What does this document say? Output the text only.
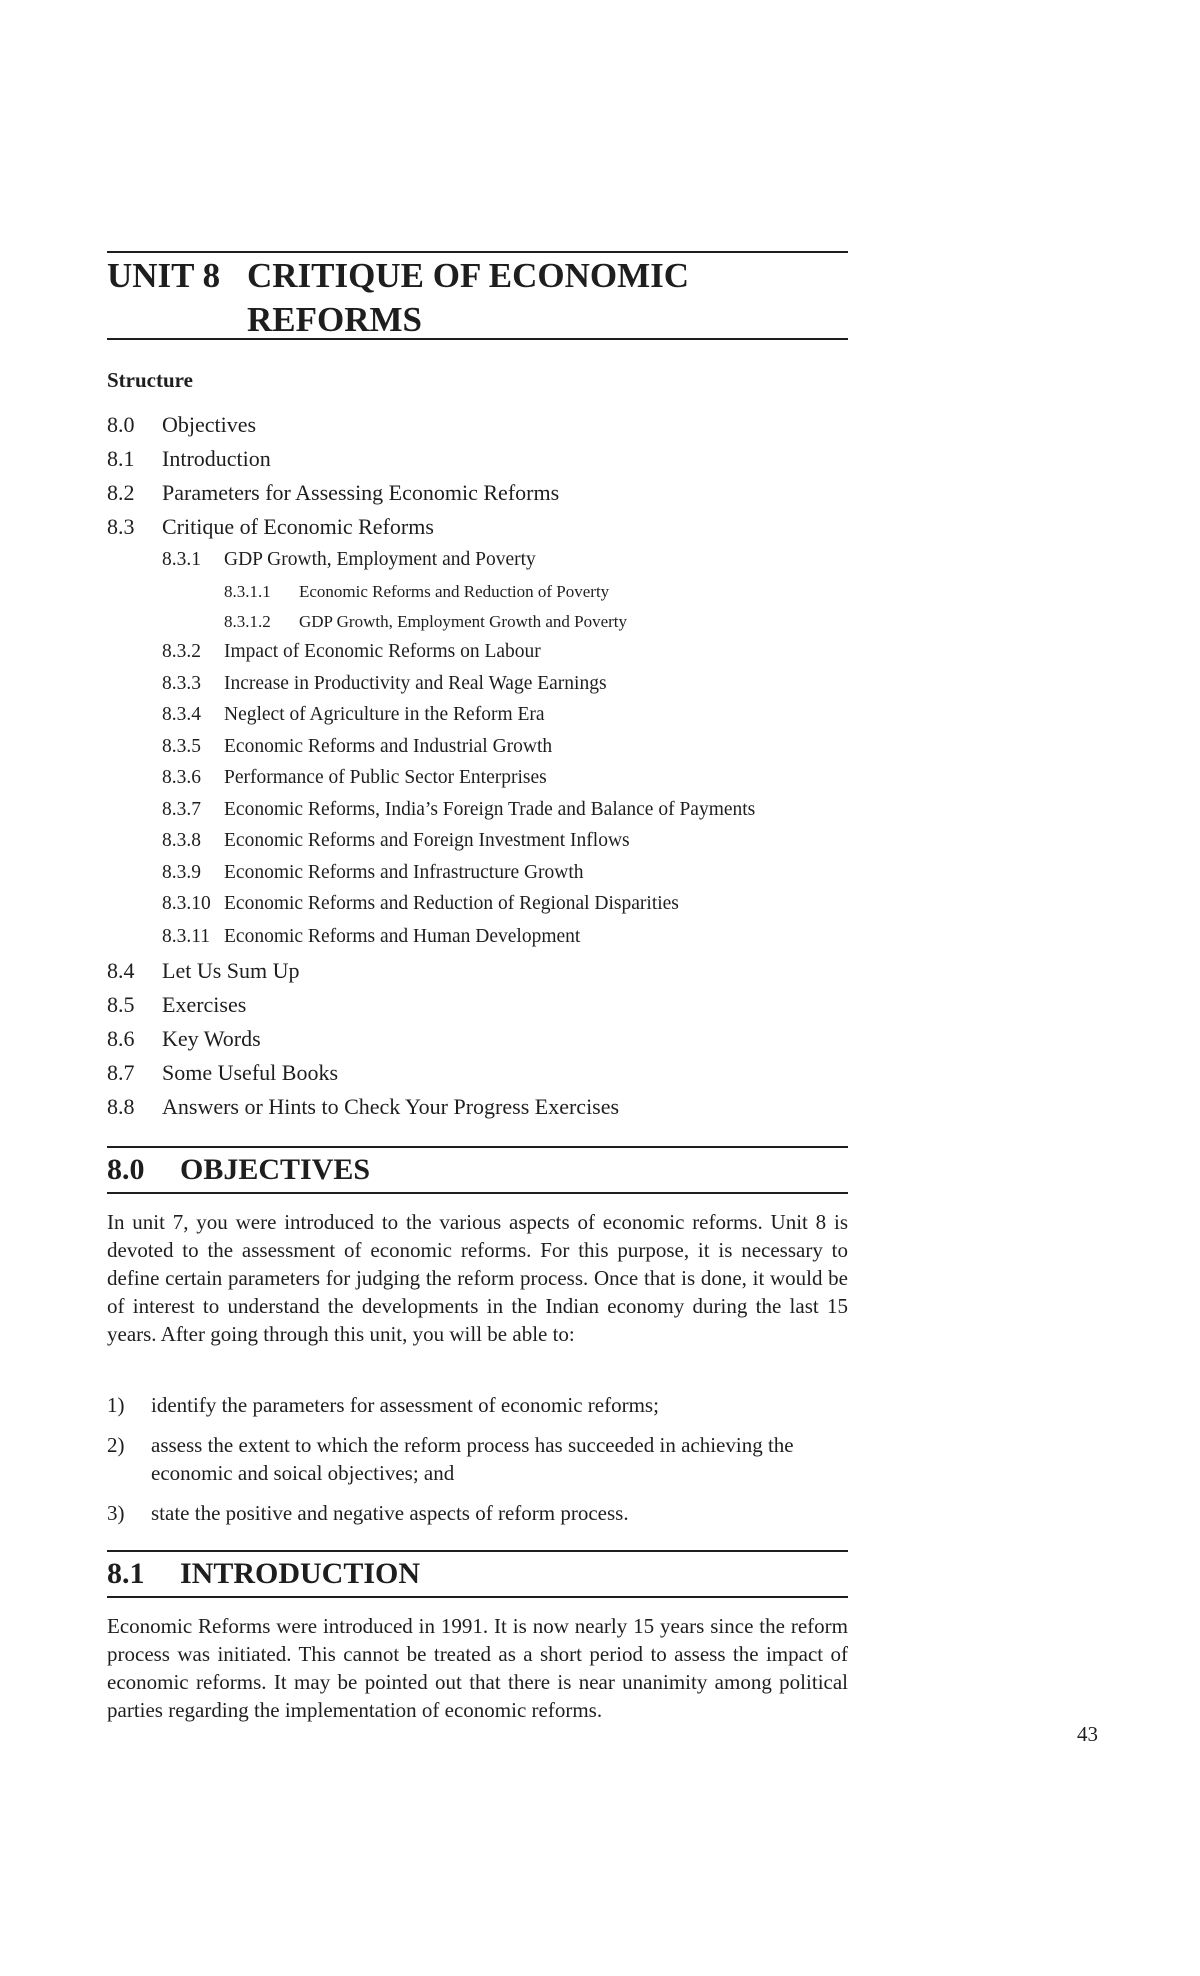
UNIT 8 CRITIQUE OF ECONOMIC
REFORMS
Structure
8.0 Objectives
8.1 Introduction
8.2 Parameters for Assessing Economic Reforms
8.3 Critique of Economic Reforms
8.3.1 GDP Growth, Employment and Poverty
8.3.1.1 Economic Reforms and Reduction of Poverty
8.3.1.2 GDP Growth, Employment Growth and Poverty
8.3.2 Impact of Economic Reforms on Labour
8.3.3 Increase in Productivity and Real Wage Earnings
8.3.4 Neglect of Agriculture in the Reform Era
8.3.5 Economic Reforms and Industrial Growth
8.3.6 Performance of Public Sector Enterprises
8.3.7 Economic Reforms, India’s Foreign Trade and Balance of Payments
8.3.8 Economic Reforms and Foreign Investment Inflows
8.3.9 Economic Reforms and Infrastructure Growth
8.3.10 Economic Reforms and Reduction of Regional Disparities
8.3.11 Economic Reforms and Human Development
8.4 Let Us Sum Up
8.5 Exercises
8.6 Key Words
8.7 Some Useful Books
8.8 Answers or Hints to Check Your Progress Exercises
8.0 OBJECTIVES
In unit 7, you were introduced to the various aspects of economic reforms. Unit 8 is devoted to the assessment of economic reforms. For this purpose, it is necessary to define certain parameters for judging the reform process. Once that is done, it would be of interest to understand the developments in the Indian economy during the last 15 years. After going through this unit, you will be able to:
1) identify the parameters for assessment of economic reforms;
2) assess the extent to which the reform process has succeeded in achieving the economic and soical objectives; and
3) state the positive and negative aspects of reform process.
8.1 INTRODUCTION
Economic Reforms were introduced in 1991. It is now nearly 15 years since the reform process was initiated. This cannot be treated as a short period to assess the impact of economic reforms. It may be pointed out that there is near unanimity among political parties regarding the implementation of economic reforms.
43
